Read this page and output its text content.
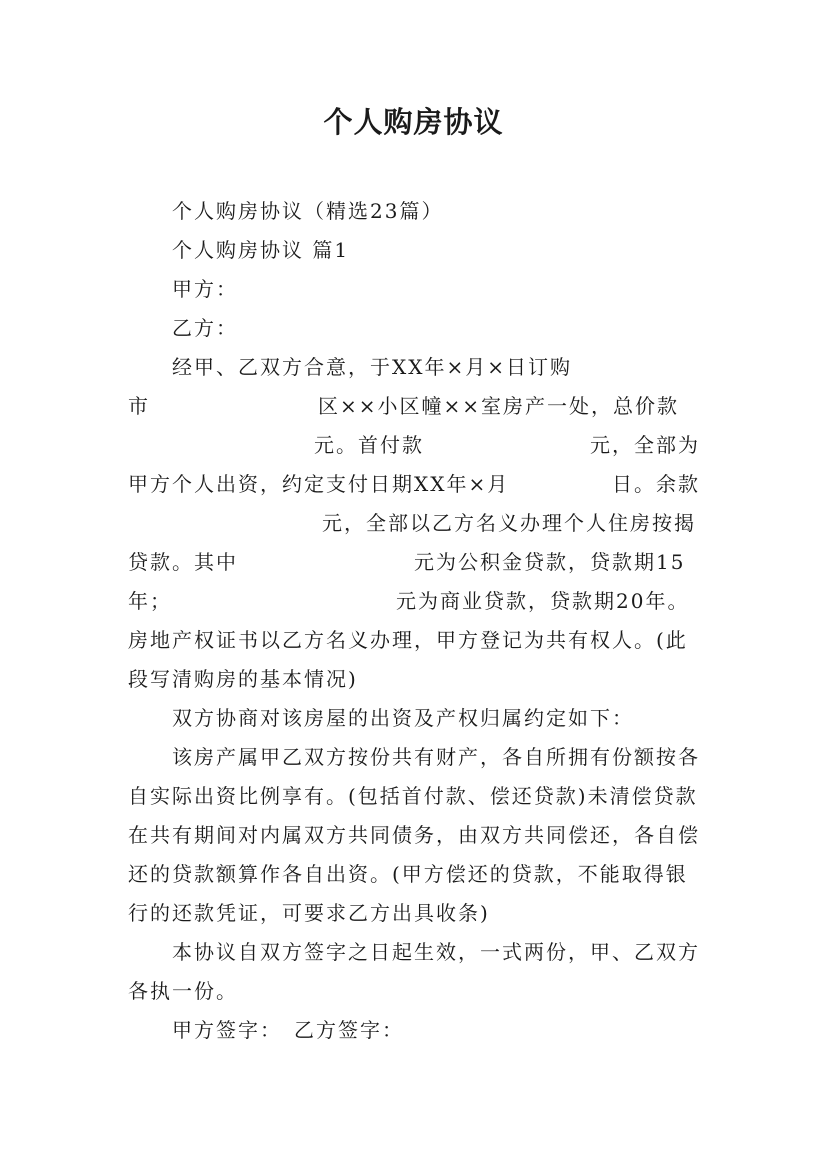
个人购房协议
个人购房协议（精选23篇）
个人购房协议 篇1
甲方：
乙方：
经甲、乙双方合意，于XX年×月×日订购
市	区××小区幢××室房产一处，总价款
元。首付款	元，全部为
甲方个人出资，约定支付日期XX年×月	日。余款
元，全部以乙方名义办理个人住房按揭
贷款。其中	元为公积金贷款，贷款期15
年；	元为商业贷款，贷款期20年。
房地产权证书以乙方名义办理，甲方登记为共有权人。(此
段写清购房的基本情况)
双方协商对该房屋的出资及产权归属约定如下：
该房产属甲乙双方按份共有财产，各自所拥有份额按各
自实际出资比例享有。(包括首付款、偿还贷款)未清偿贷款
在共有期间对内属双方共同债务，由双方共同偿还，各自偿
还的贷款额算作各自出资。(甲方偿还的贷款，不能取得银
行的还款凭证，可要求乙方出具收条)
本协议自双方签字之日起生效，一式两份，甲、乙双方
各执一份。
甲方签字：　乙方签字：
